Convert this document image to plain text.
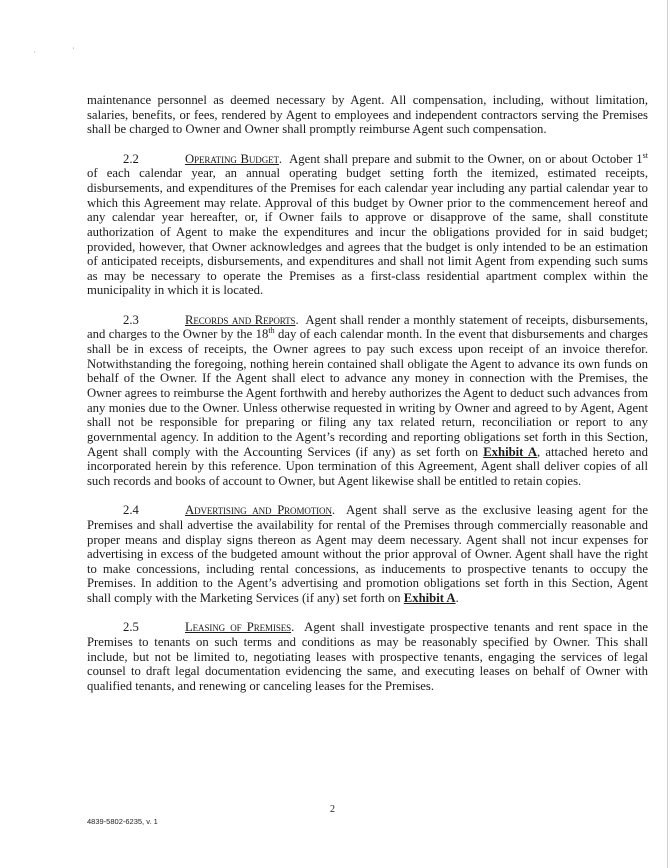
,	'

maintenance personnel as deemed necessary by Agent. All compensation, including, without limitation, salaries, benefits, or fees, rendered by Agent to employees and independent contractors serving the Premises shall be charged to Owner and Owner shall promptly reimburse Agent such compensation.

2.2	Operating Budget.  Agent shall prepare and submit to the Owner, on or about October 1st of each calendar year, an annual operating budget setting forth the itemized, estimated receipts, disbursements, and expenditures of the Premises for each calendar year including any partial calendar year to which this Agreement may relate. Approval of this budget by Owner prior to the commencement hereof and any calendar year hereafter, or, if Owner fails to approve or disapprove of the same, shall constitute authorization of Agent to make the expenditures and incur the obligations provided for in said budget; provided, however, that Owner acknowledges and agrees that the budget is only intended to be an estimation of anticipated receipts, disbursements, and expenditures and shall not limit Agent from expending such sums as may be necessary to operate the Premises as a first-class residential apartment complex within the municipality in which it is located.

2.3	Records and Reports.  Agent shall render a monthly statement of receipts, disbursements, and charges to the Owner by the 18th day of each calendar month. In the event that disbursements and charges shall be in excess of receipts, the Owner agrees to pay such excess upon receipt of an invoice therefor. Notwithstanding the foregoing, nothing herein contained shall obligate the Agent to advance its own funds on behalf of the Owner. If the Agent shall elect to advance any money in connection with the Premises, the Owner agrees to reimburse the Agent forthwith and hereby authorizes the Agent to deduct such advances from any monies due to the Owner. Unless otherwise requested in writing by Owner and agreed to by Agent, Agent shall not be responsible for preparing or filing any tax related return, reconciliation or report to any governmental agency. In addition to the Agent’s recording and reporting obligations set forth in this Section, Agent shall comply with the Accounting Services (if any) as set forth on Exhibit A, attached hereto and incorporated herein by this reference. Upon termination of this Agreement, Agent shall deliver copies of all such records and books of account to Owner, but Agent likewise shall be entitled to retain copies.

2.4	Advertising and Promotion.  Agent shall serve as the exclusive leasing agent for the Premises and shall advertise the availability for rental of the Premises through commercially reasonable and proper means and display signs thereon as Agent may deem necessary. Agent shall not incur expenses for advertising in excess of the budgeted amount without the prior approval of Owner. Agent shall have the right to make concessions, including rental concessions, as inducements to prospective tenants to occupy the Premises. In addition to the Agent’s advertising and promotion obligations set forth in this Section, Agent shall comply with the Marketing Services (if any) set forth on Exhibit A.

2.5	Leasing of Premises.  Agent shall investigate prospective tenants and rent space in the Premises to tenants on such terms and conditions as may be reasonably specified by Owner. This shall include, but not be limited to, negotiating leases with prospective tenants, engaging the services of legal counsel to draft legal documentation evidencing the same, and executing leases on behalf of Owner with qualified tenants, and renewing or canceling leases for the Premises.

2
4839-5802-6235, v. 1
